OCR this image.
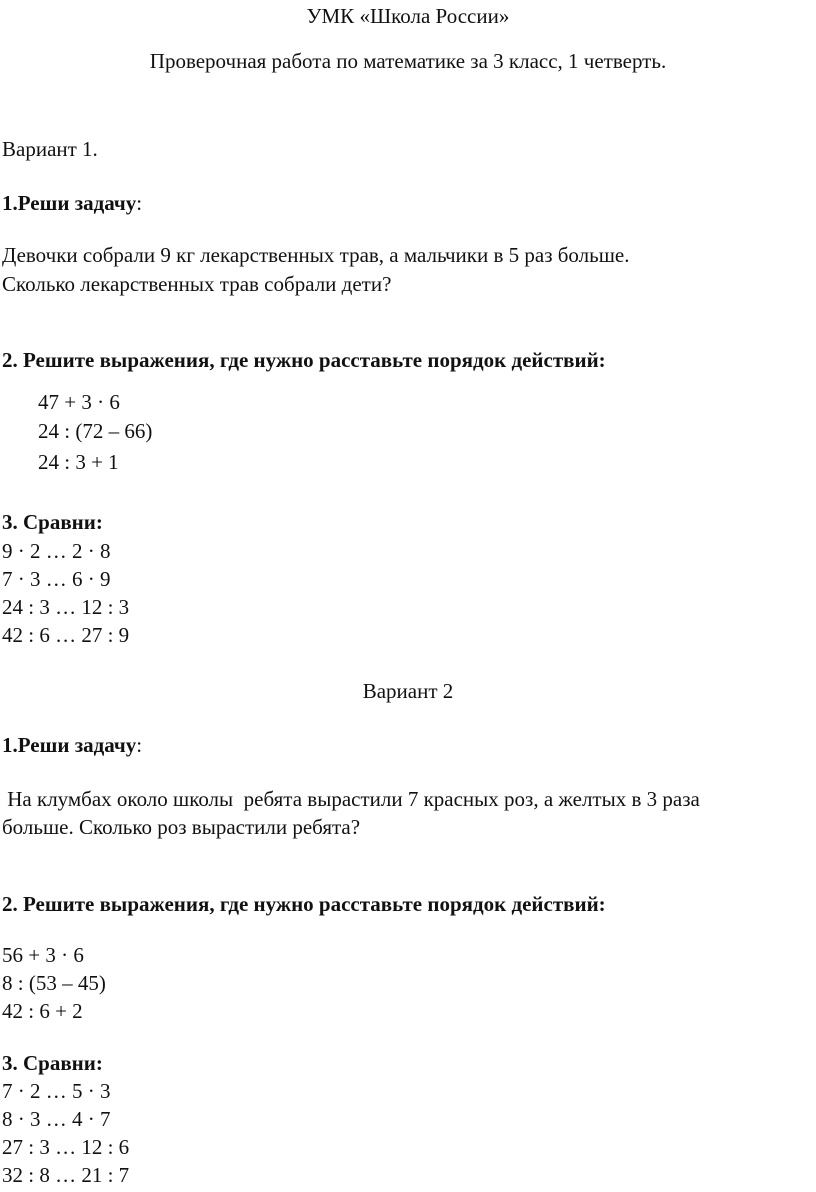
УМК «Школа России»
Проверочная работа по математике за 3 класс, 1 четверть.
Вариант 1.
1.Реши задачу:
Девочки собрали 9 кг лекарственных трав, а мальчики в 5 раз больше.
Сколько лекарственных трав собрали дети?
2. Решите выражения, где нужно расставьте порядок действий:
47 + 3 · 6
24 : (72 – 66)
24 : 3 + 1
3. Сравни:
9 · 2 … 2 · 8
7 · 3 … 6 · 9
24 : 3 … 12 : 3
42 : 6 … 27 : 9
Вариант 2
1.Реши задачу:
На клумбах около школы  ребята вырастили 7 красных роз, а желтых в 3 раза
больше. Сколько роз вырастили ребята?
2. Решите выражения, где нужно расставьте порядок действий:
56 + 3 · 6
8 : (53 – 45)
42 : 6 + 2
3. Сравни:
7 · 2 … 5 · 3
8 · 3 … 4 · 7
27 : 3 … 12 : 6
32 : 8 … 21 : 7
